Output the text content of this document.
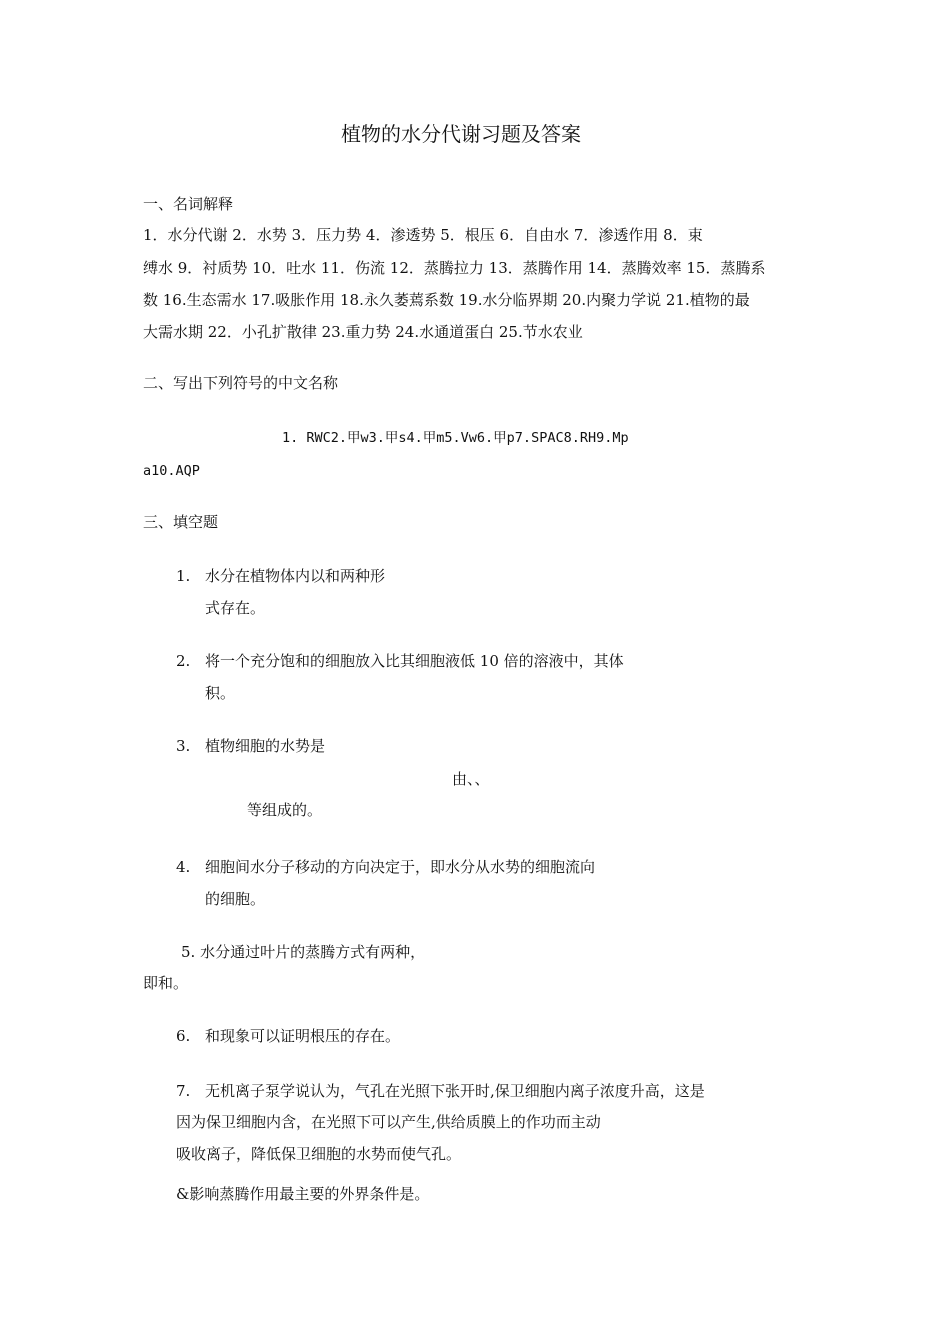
植物的水分代谢习题及答案
一、名词解释
1．水分代谢 2．水势 3．压力势 4．渗透势 5．根压 6．自由水 7．渗透作用 8．束
缚水 9．衬质势 10．吐水 11．伤流 12．蒸腾拉力 13．蒸腾作用 14．蒸腾效率 15．蒸腾系
数 16.生态需水 17.吸胀作用 18.永久萎蔫系数 19.水分临界期 20.内聚力学说 21.植物的最
大需水期 22．小孔扩散律 23.重力势 24.水通道蛋白 25.节水农业
二、写出下列符号的中文名称
1. RWC2.甲w3.甲s4.甲m5.Vw6.甲p7.SPAC8.RH9.Mp
a10.AQP
三、填空题
1. 水分在植物体内以和两种形
式存在。
2. 将一个充分饱和的细胞放入比其细胞液低 10 倍的溶液中，其体
积。
3. 植物细胞的水势是
由、、
等组成的。
4. 细胞间水分子移动的方向决定于，即水分从水势的细胞流向
的细胞。
5. 水分通过叶片的蒸腾方式有两种，
即和。
6. 和现象可以证明根压的存在。
7. 无机离子泵学说认为，气孔在光照下张开时,保卫细胞内离子浓度升高，这是
因为保卫细胞内含，在光照下可以产生,供给质膜上的作功而主动
吸收离子，降低保卫细胞的水势而使气孔。
&影响蒸腾作用最主要的外界条件是。
